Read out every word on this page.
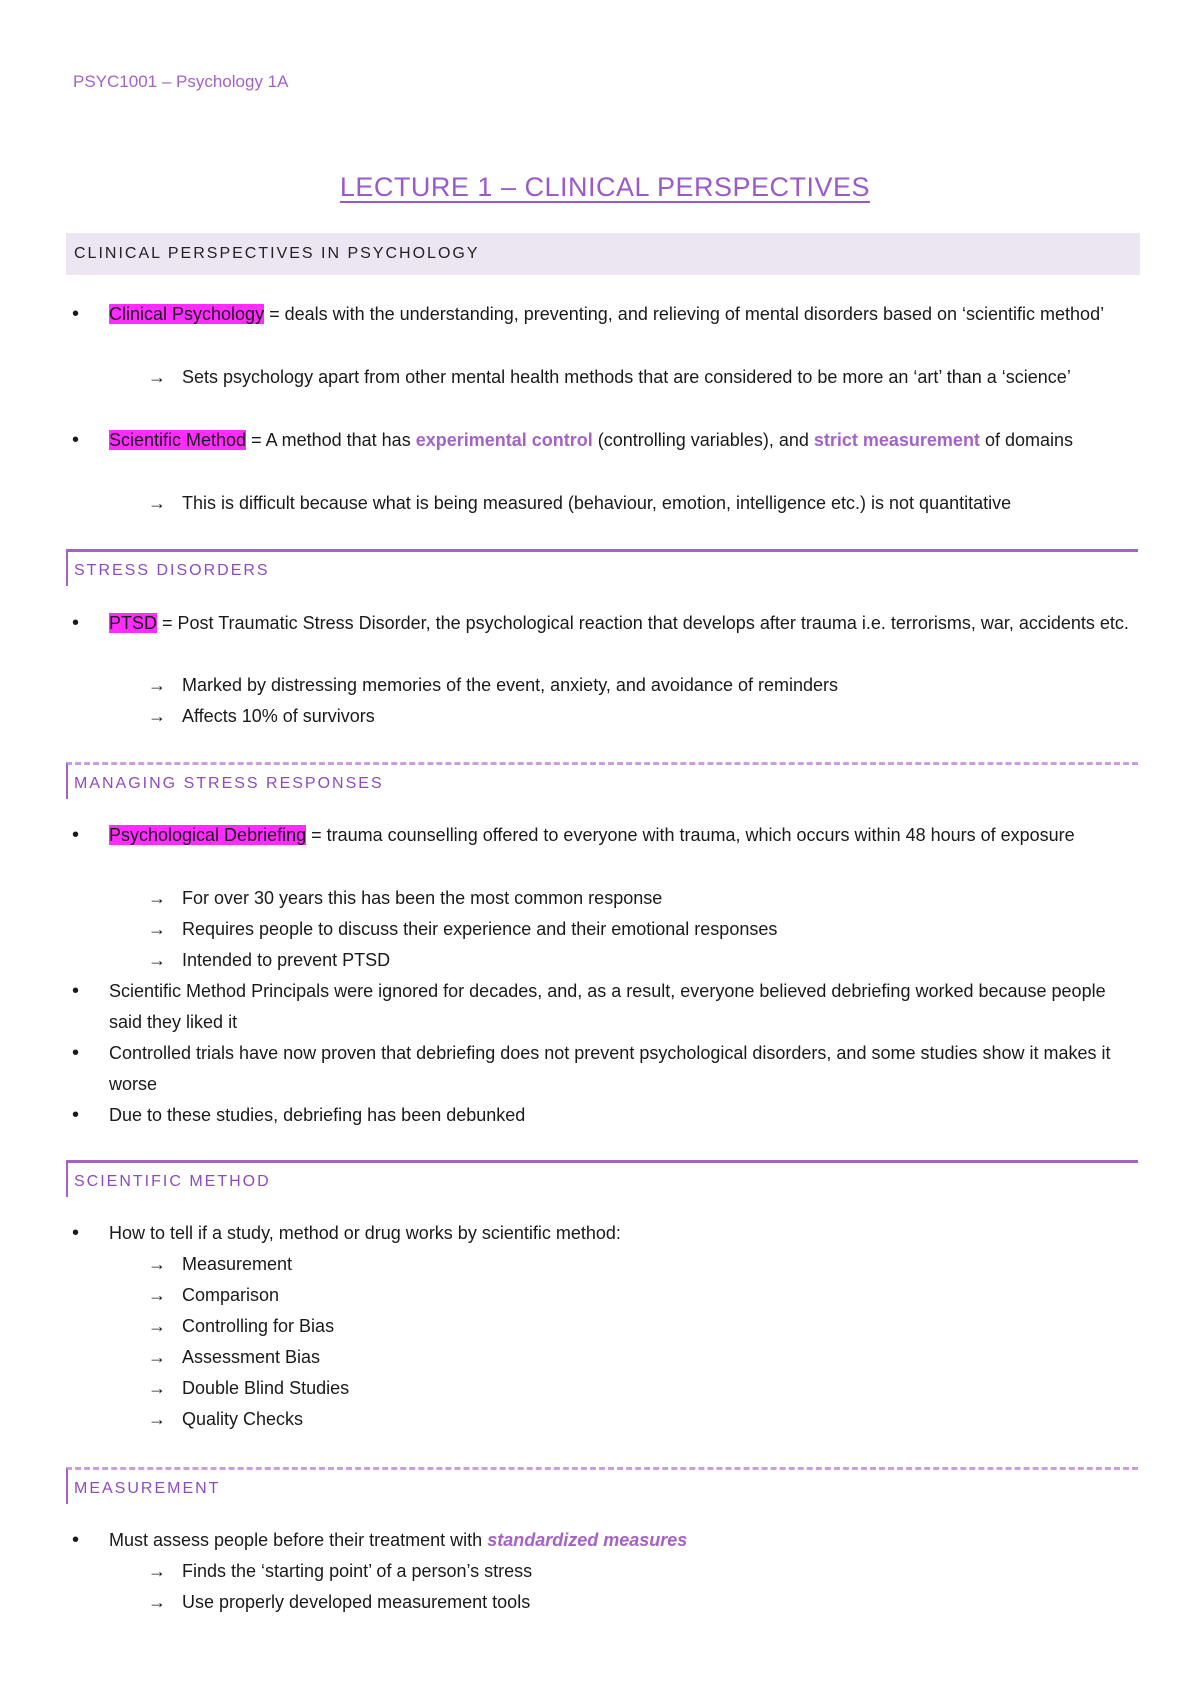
PSYC1001 – Psychology 1A
LECTURE 1 – CLINICAL PERSPECTIVES
CLINICAL PERSPECTIVES IN PSYCHOLOGY
• Clinical Psychology = deals with the understanding, preventing, and relieving of mental disorders based on ‘scientific method’
→ Sets psychology apart from other mental health methods that are considered to be more an ‘art’ than a ‘science’
• Scientific Method = A method that has experimental control (controlling variables), and strict measurement of domains
→ This is difficult because what is being measured (behaviour, emotion, intelligence etc.) is not quantitative
STRESS DISORDERS
• PTSD = Post Traumatic Stress Disorder, the psychological reaction that develops after trauma i.e. terrorisms, war, accidents etc.
→ Marked by distressing memories of the event, anxiety, and avoidance of reminders
→ Affects 10% of survivors
MANAGING STRESS RESPONSES
• Psychological Debriefing = trauma counselling offered to everyone with trauma, which occurs within 48 hours of exposure
→ For over 30 years this has been the most common response
→ Requires people to discuss their experience and their emotional responses
→ Intended to prevent PTSD
• Scientific Method Principals were ignored for decades, and, as a result, everyone believed debriefing worked because people said they liked it
• Controlled trials have now proven that debriefing does not prevent psychological disorders, and some studies show it makes it worse
• Due to these studies, debriefing has been debunked
SCIENTIFIC METHOD
• How to tell if a study, method or drug works by scientific method:
→ Measurement
→ Comparison
→ Controlling for Bias
→ Assessment Bias
→ Double Blind Studies
→ Quality Checks
MEASUREMENT
• Must assess people before their treatment with standardized measures
→ Finds the ‘starting point’ of a person’s stress
→ Use properly developed measurement tools
